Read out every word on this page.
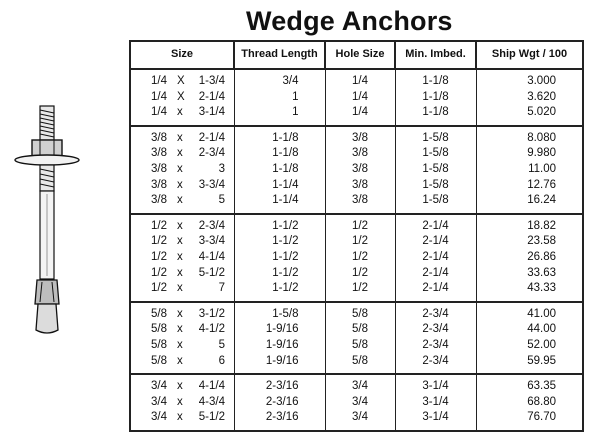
Wedge Anchors
Size	Thread Length	Hole Size	Min. Imbed.	Ship Wgt / 100
1/4 X 1-3/4	3/4	1/4	1-1/8	3.000
1/4 X 2-1/4	1	1/4	1-1/8	3.620
1/4 x 3-1/4	1	1/4	1-1/8	5.020
3/8 x 2-1/4	1-1/8	3/8	1-5/8	8.080
3/8 x 2-3/4	1-1/8	3/8	1-5/8	9.980
3/8 x 3	1-1/8	3/8	1-5/8	11.00
3/8 x 3-3/4	1-1/4	3/8	1-5/8	12.76
3/8 x 5	1-1/4	3/8	1-5/8	16.24
1/2 x 2-3/4	1-1/2	1/2	2-1/4	18.82
1/2 x 3-3/4	1-1/2	1/2	2-1/4	23.58
1/2 x 4-1/4	1-1/2	1/2	2-1/4	26.86
1/2 x 5-1/2	1-1/2	1/2	2-1/4	33.63
1/2 x 7	1-1/2	1/2	2-1/4	43.33
5/8 x 3-1/2	1-5/8	5/8	2-3/4	41.00
5/8 x 4-1/2	1-9/16	5/8	2-3/4	44.00
5/8 x 5	1-9/16	5/8	2-3/4	52.00
5/8 x 6	1-9/16	5/8	2-3/4	59.95
3/4 x 4-1/4	2-3/16	3/4	3-1/4	63.35
3/4 x 4-3/4	2-3/16	3/4	3-1/4	68.80
3/4 x 5-1/2	2-3/16	3/4	3-1/4	76.70
